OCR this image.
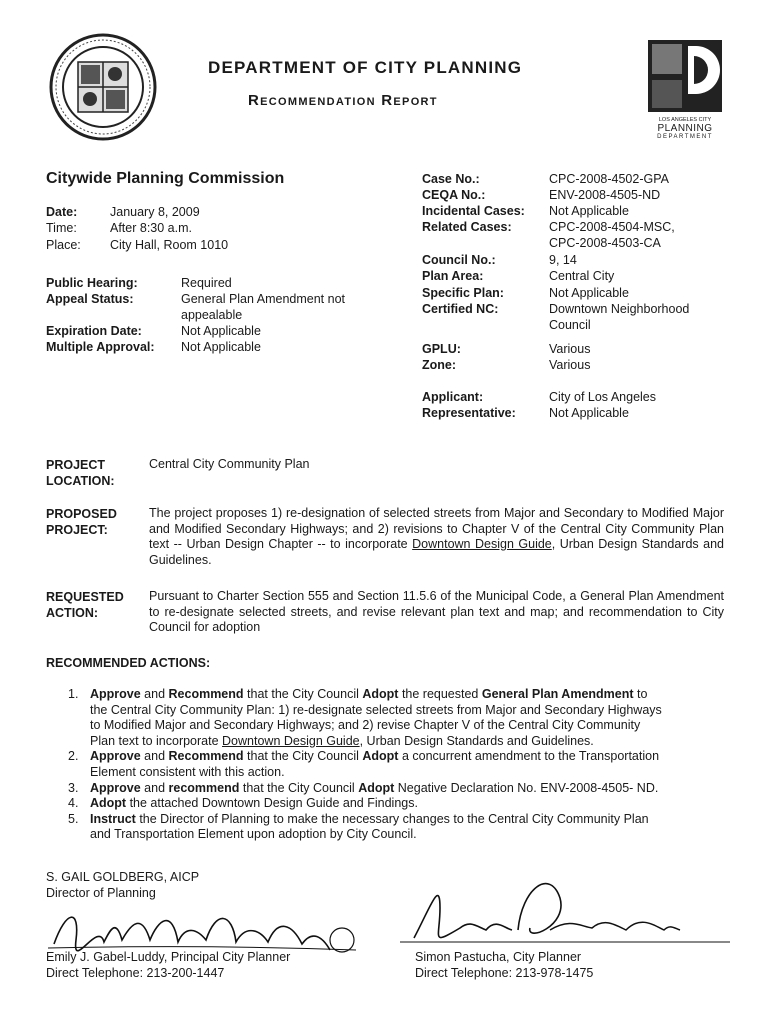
DEPARTMENT OF CITY PLANNING
Recommendation Report
LOS ANGELES CITY
PLANNING
DEPARTMENT
Citywide Planning Commission
Date:	January 8, 2009
Time:	After 8:30 a.m.
Place: City Hall, Room 1010
Public Hearing:	Required
Appeal Status:	General Plan Amendment not
appealable
Expiration Date:	Not Applicable
Multiple Approval: Not Applicable
Case No.:	CPC-2008-4502-GPA
CEQA No.:	ENV-2008-4505-ND
Incidental Cases: Not Applicable
Related Cases:	CPC-2008-4504-MSC,
CPC-2008-4503-CA
Council No.:	9, 14
Plan Area:	Central City
Specific Plan:	Not Applicable
Certified NC:	Downtown Neighborhood
Council
GPLU:	Various
Zone:	Various
Applicant:	City of Los Angeles
Representative:	Not Applicable
PROJECT
LOCATION:
Central City Community Plan
PROPOSED
PROJECT:
The project proposes 1) re-designation of selected streets from Major and Secondary to Modified Major and Modified Secondary Highways; and 2) revisions to Chapter V of the Central City Community Plan text -- Urban Design Chapter -- to incorporate Downtown Design Guide, Urban Design Standards and Guidelines.
REQUESTED
ACTION:
Pursuant to Charter Section 555 and Section 11.5.6 of the Municipal Code, a General Plan Amendment to re-designate selected streets, and revise relevant plan text and map; and recommendation to City Council for adoption
RECOMMENDED ACTIONS:
1. Approve and Recommend that the City Council Adopt the requested General Plan Amendment to
the Central City Community Plan: 1) re-designate selected streets from Major and Secondary Highways
to Modified Major and Secondary Highways; and 2) revise Chapter V of the Central City Community
Plan text to incorporate Downtown Design Guide, Urban Design Standards and Guidelines.
2. Approve and Recommend that the City Council Adopt a concurrent amendment to the Transportation
Element consistent with this action.
3. Approve and recommend that the City Council Adopt Negative Declaration No. ENV-2008-4505- ND.
4. Adopt the attached Downtown Design Guide and Findings.
5. Instruct the Director of Planning to make the necessary changes to the Central City Community Plan
and Transportation Element upon adoption by City Council.
S. GAIL GOLDBERG, AICP
Director of Planning
Emily J. Gabel-Luddy, Principal City Planner
Direct Telephone: 213-200-1447
Simon Pastucha, City Planner
Direct Telephone: 213-978-1475
